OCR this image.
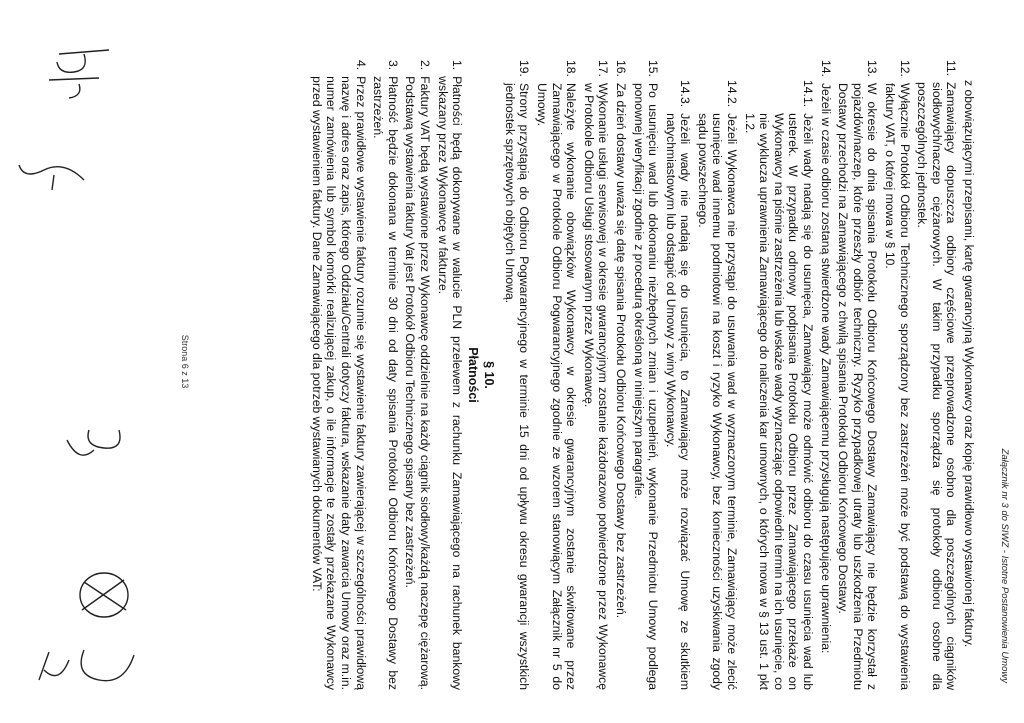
Załącznik nr 3 do SIWZ - Istotne Postanowienia Umowy

z obowiązującymi przepisami, kartę gwarancyjną Wykonawcy oraz kopię prawidłowo wystawionej faktury.

11.
Zamawiający dopuszcza odbiory częściowe przeprowadzone osobno dla poszczególnych ciągników siodłowych/naczep ciężarowych. W takim przypadku sporządza się protokoły odbioru osobne dla poszczególnych jednostek.
12.
Wyłącznie Protokół Odbioru Technicznego sporządzony bez zastrzeżeń może być podstawą do wystawienia faktury VAT, o której mowa w § 10.
13.
W okresie do dnia spisania Protokołu Odbioru Końcowego Dostawy Zamawiający nie będzie korzystał z pojazdów/naczep, które przeszły odbiór techniczny. Ryzyko przypadkowej utraty lub uszkodzenia Przedmiotu Dostawy przechodzi na Zamawiającego z chwilą spisania Protokołu Odbioru Końcowego Dostawy.
14.
Jeżeli w czasie odbioru zostaną stwierdzone wady Zamawiającemu przysługują następujące uprawnienia:
14.1.
Jeżeli wady nadają się do usunięcia, Zamawiający może odmówić odbioru do czasu usunięcia wad lub usterek. W przypadku odmowy podpisania Protokołu Odbioru przez Zamawiającego przekaże on Wykonawcy na piśmie zastrzeżenia lub wskaże wady wyznaczając odpowiedni termin na ich usunięcie, co nie wyklucza uprawnienia Zamawiającego do naliczenia kar umownych, o których mowa w § 13 ust. 1 pkt 1.2.
14.2.
Jeżeli Wykonawca nie przystąpi do usuwania wad w wyznaczonym terminie, Zamawiający może zlecić usunięcie wad innemu podmiotowi na koszt i ryzyko Wykonawcy, bez konieczności uzyskiwania zgody sądu powszechnego.
14.3.
Jeżeli wady nie nadają się do usunięcia, to Zamawiający może rozwiązać Umowę ze skutkiem natychmiastowym lub odstąpić od Umowy z winy Wykonawcy.
15.
Po usunięciu wad lub dokonaniu niezbędnych zmian i uzupełnień, wykonanie Przedmiotu Umowy podlega ponownej weryfikacji zgodnie z procedurą określoną w niniejszym paragrafie.
16.
Za dzień dostawy uważa się datę spisania Protokołu Odbioru Końcowego Dostawy bez zastrzeżeń.
17.
Wykonanie usługi serwisowej w okresie gwarancyjnym zostanie każdorazowo potwierdzone przez Wykonawcę w Protokole Odbioru Usługi stosowanym przez Wykonawcę.
18.
Należyte wykonanie obowiązków Wykonawcy w okresie gwarancyjnym zostanie skwitowane przez Zamawiającego w Protokole Odbioru Pogwarancyjnego zgodnie ze wzorem stanowiącym Załącznik nr 5 do Umowy.
19.
Strony przystąpią do Odbioru Pogwarancyjnego w terminie 15 dni od upływu okresu gwarancji wszystkich jednostek sprzętowych objętych Umową.
§ 10.
Płatności
1.
Płatności będą dokonywane w walucie PLN przelewem z rachunku Zamawiającego na rachunek bankowy wskazany przez Wykonawcę w fakturze.
2.
Faktury VAT będą wystawione przez Wykonawcę oddzielnie na każdy ciągnik siodłowy/każdą naczepę ciężarową. Podstawą wystawienia faktury Vat jest Protokół Odbioru Technicznego spisany bez zastrzeżeń.
3.
Płatność będzie dokonana w terminie 30 dni od daty spisania Protokołu Odbioru Końcowego Dostawy bez zastrzeżeń.
4.
Przez prawidłowe wystawienie faktury rozumie się wystawienie faktury zawierającej w szczególności prawidłową nazwę i adres oraz zapis, którego Oddziału/Centrali dotyczy faktura, wskazanie daty zawarcia Umowy oraz m.in. numer zamówienia lub symbol komórki realizującej zakup, o ile informacje te zostały przekazane Wykonawcy przed wystawieniem faktury. Dane Zamawiającego dla potrzeb wystawianych dokumentów VAT:
Strona 6 z 13
